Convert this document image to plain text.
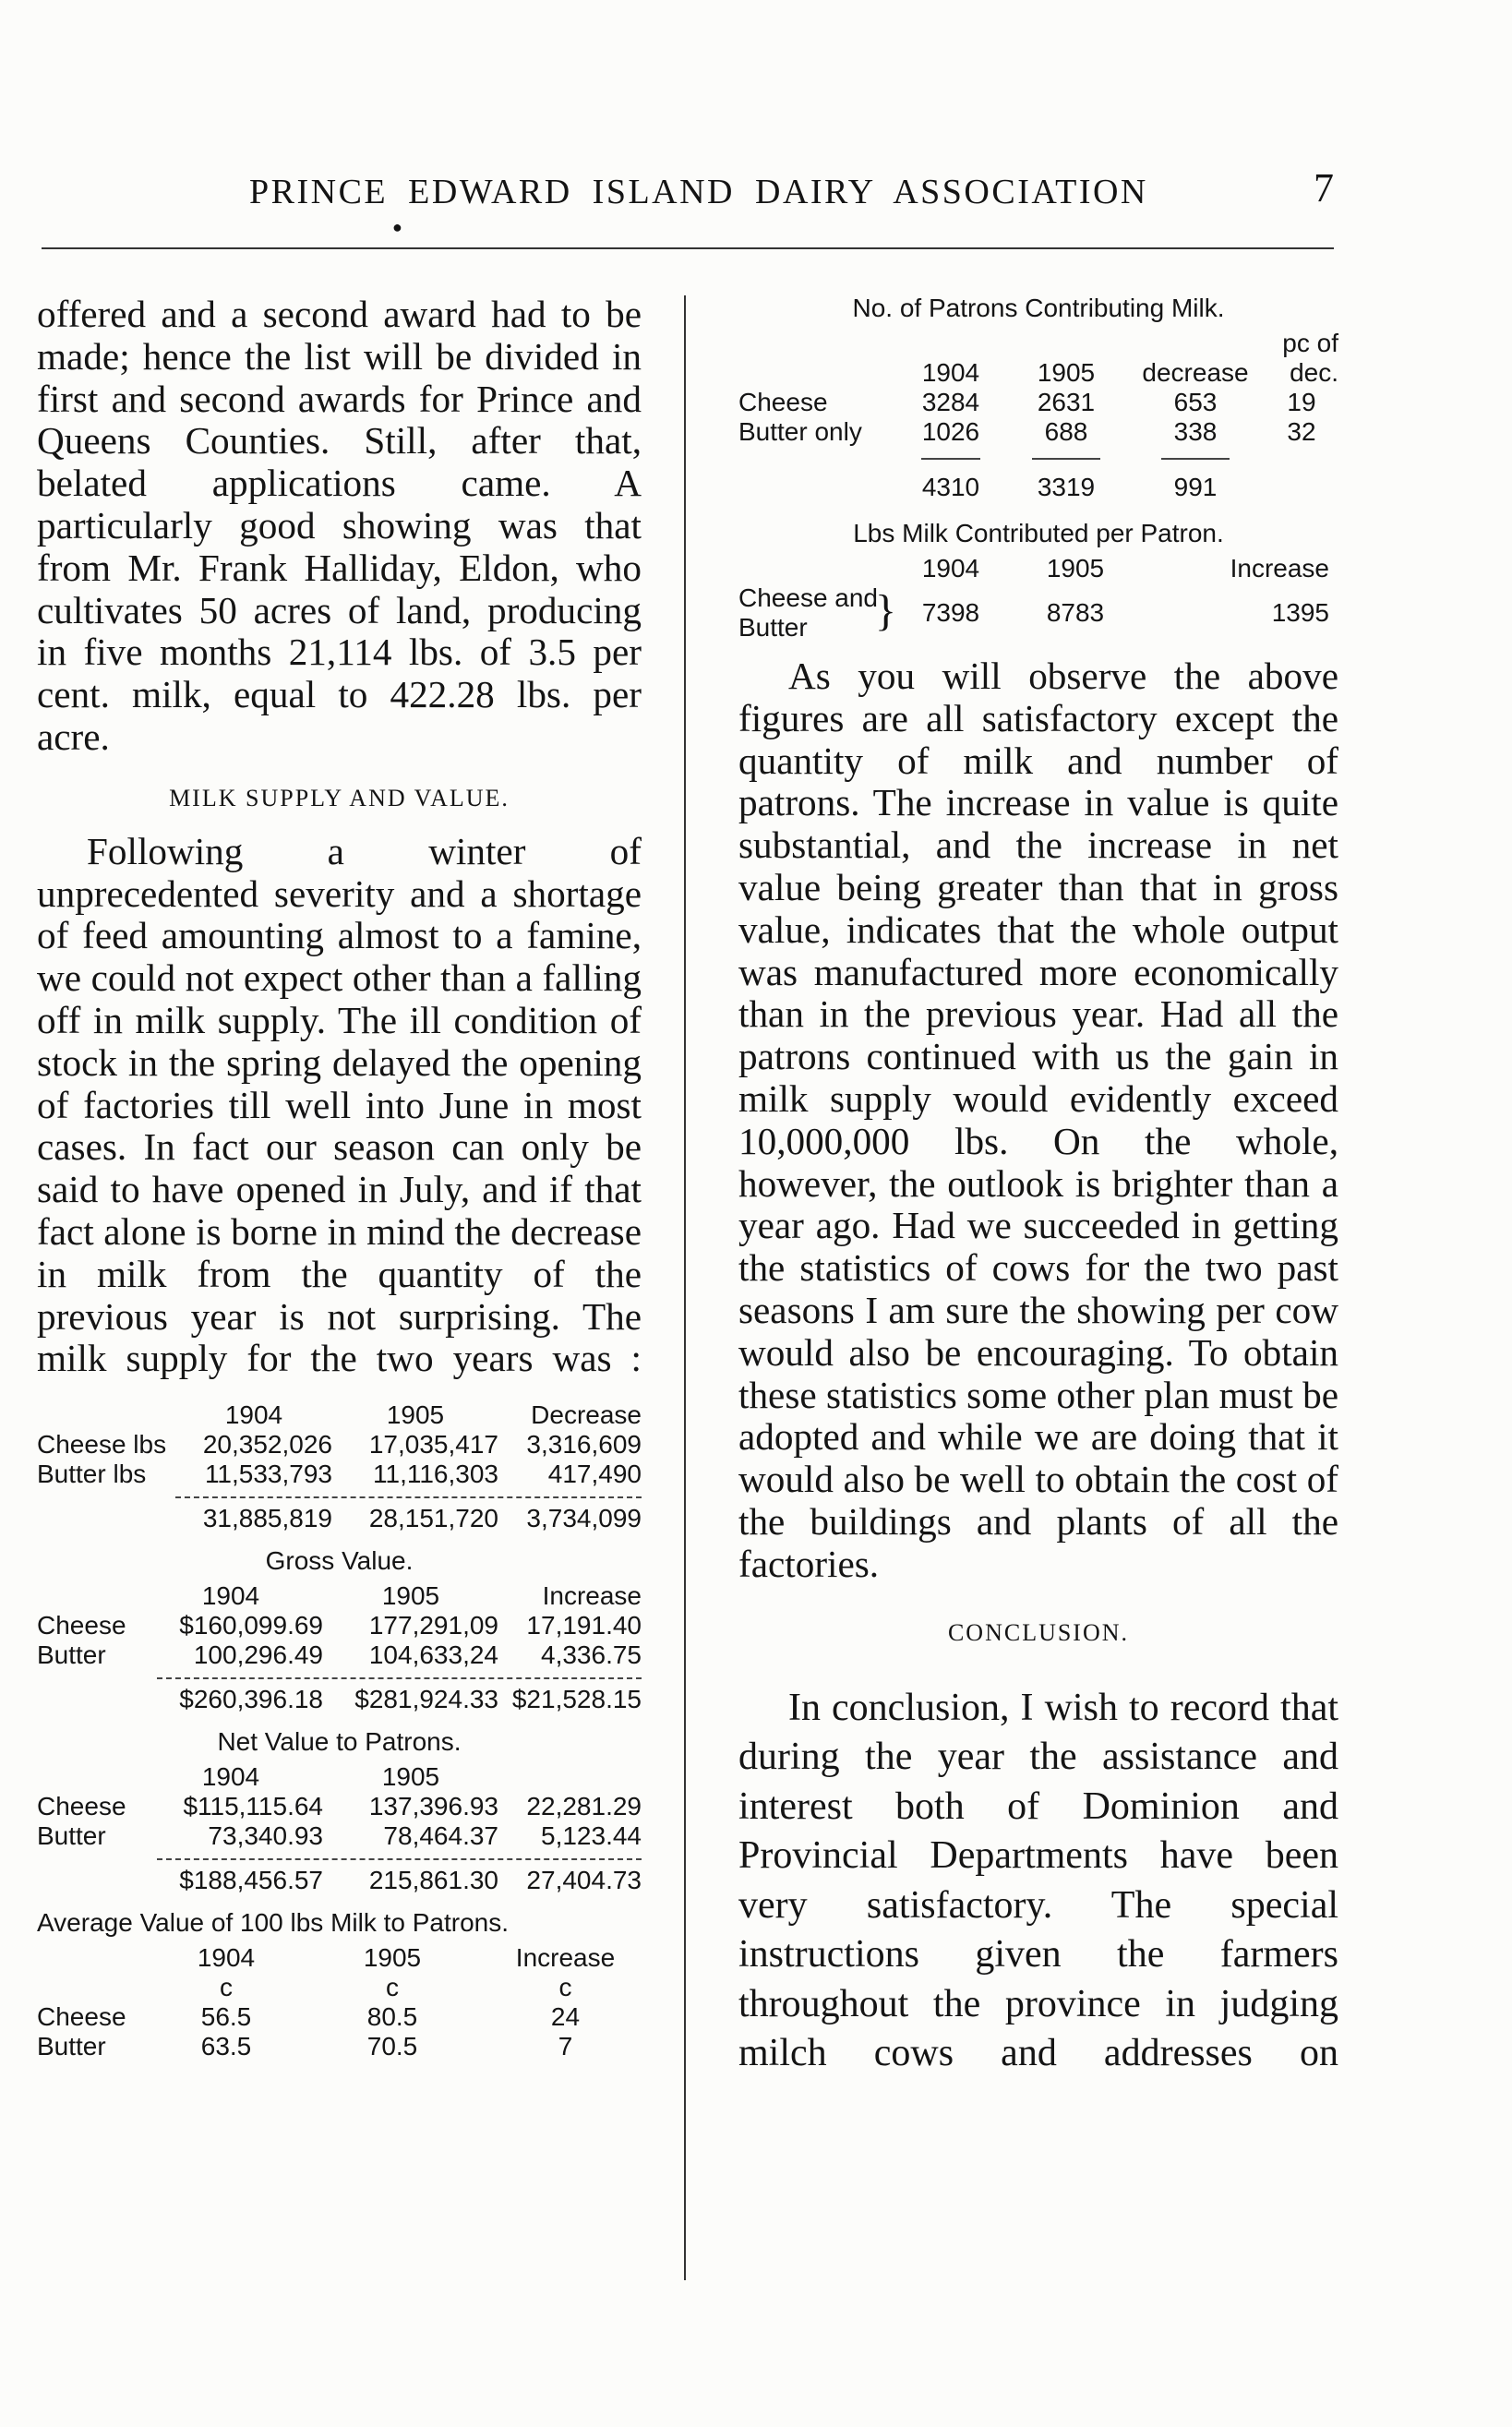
PRINCE EDWARD ISLAND DAIRY ASSOCIATION	7
●

offered and a second award had to be made; hence the list will be divided in first and second awards for Prince and Queens Counties. Still, after that, belated applications came. A particularly good showing was that from Mr. Frank Halliday, Eldon, who cultivates 50 acres of land, producing in five months 21,114 lbs. of 3.5 per cent. milk, equal to 422.28 lbs. per acre.

MILK SUPPLY AND VALUE.

Following a winter of unprecedented severity and a shortage of feed amounting almost to a famine, we could not expect other than a falling off in milk supply. The ill condition of stock in the spring delayed the opening of factories till well into June in most cases. In fact our season can only be said to have opened in July, and if that fact alone is borne in mind the decrease in milk from the quantity of the previous year is not surprising. The milk supply for the two years was :

1904	1905	Decrease
Cheese lbs	20,352,026	17,035,417	3,316,609
Butter lbs	11,533,793	11,116,303	417,490
31,885,819	28,151,720	3,734,099
Gross Value.
1904	1905	Increase
Cheese	$160,099.69	177,291,09	17,191.40
Butter	100,296.49	104,633,24	4,336.75
$260,396.18	$281,924.33 $21,528.15
Net Value to Patrons.
1904	1905
Cheese	$115,115.64	137,396.93	22,281.29
Butter	73,340.93	78,464.37	5,123.44
$188,456.57	215,861.30	27,404.73
Average Value of 100 lbs Milk to Patrons.
1904	1905	Increase
c	c	c
Cheese	56.5	80.5	24
Butter	63.5	70.5	7
No. of Patrons Contributing Milk.
pc of
1904	1905	decrease	dec.
Cheese	3284	2631	653	19
Butter only	1026	688	338	32
4310	3319	991
Lbs Milk Contributed per Patron.
1904	1905	Increase
Cheese and
Butter	} 7398	8783	1395

As you will observe the above figures are all satisfactory except the quantity of milk and number of patrons. The increase in value is quite substantial, and the increase in net value being greater than that in gross value, indicates that the whole output was manufactured more economically than in the previous year. Had all the patrons continued with us the gain in milk supply would evidently exceed 10,000,000 lbs. On the whole, however, the outlook is brighter than a year ago. Had we succeeded in getting the statistics of cows for the two past seasons I am sure the showing per cow would also be encouraging. To obtain these statistics some other plan must be adopted and while we are doing that it would also be well to obtain the cost of the buildings and plants of all the factories.

CONCLUSION.

In conclusion, I wish to record that during the year the assistance and interest both of Dominion and Provincial Departments have been very satisfactory. The special instructions given the farmers throughout the province in judging milch cows and addresses on
